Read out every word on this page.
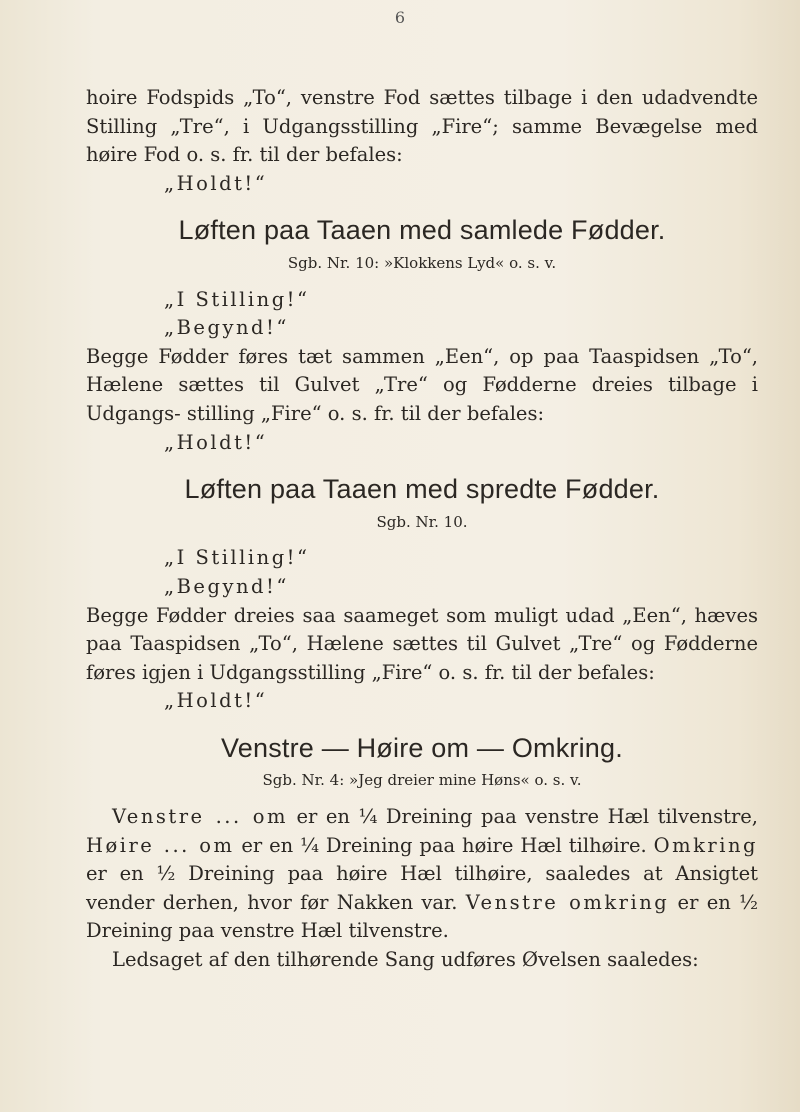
6

hoire Fodspids „To“, venstre Fod sættes tilbage i den udadvendte Stilling „Tre“, i Udgangsstilling „Fire“; samme Bevægelse med høire Fod o. s. fr. til der befales:

„Holdt!“

Løften paa Taaen med samlede Fødder.
Sgb. Nr. 10: »Klokkens Lyd« o. s. v.

„I Stilling!“

„Begynd!“

Begge Fødder føres tæt sammen „Een“, op paa Taaspidsen „To“, Hælene sættes til Gulvet „Tre“ og Fødderne dreies tilbage i Udgangs- stilling „Fire“ o. s. fr. til der befales:

„Holdt!“

Løften paa Taaen med spredte Fødder.
Sgb. Nr. 10.

„I Stilling!“

„Begynd!“

Begge Fødder dreies saa saameget som muligt udad „Een“, hæves paa Taaspidsen „To“, Hælene sættes til Gulvet „Tre“ og Fødderne føres igjen i Udgangsstilling „Fire“ o. s. fr. til der befales:

„Holdt!“

Venstre — Høire om — Omkring.
Sgb. Nr. 4: »Jeg dreier mine Høns« o. s. v.

Venstre ... om er en ¼ Dreining paa venstre Hæl tilvenstre, Høire ... om er en ¼ Dreining paa høire Hæl tilhøire. Omkring er en ½ Dreining paa høire Hæl tilhøire, saaledes at Ansigtet vender derhen, hvor før Nakken var. Venstre omkring er en ½ Dreining paa venstre Hæl tilvenstre.

Ledsaget af den tilhørende Sang udføres Øvelsen saaledes:
